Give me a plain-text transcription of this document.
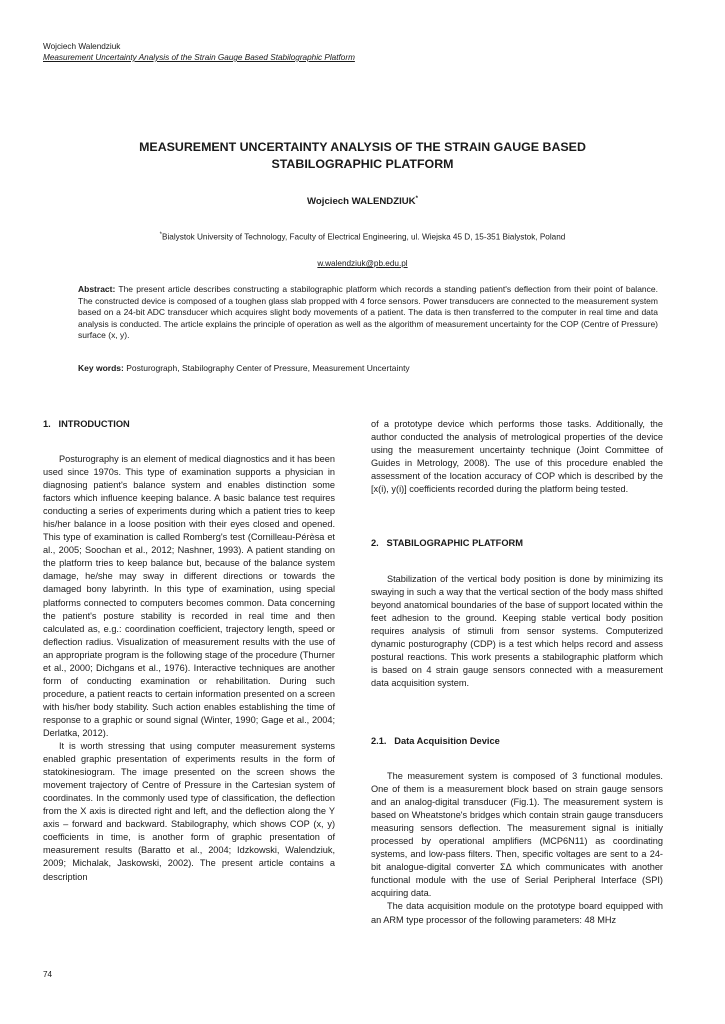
Wojciech Walendziuk
Measurement Uncertainty Analysis of the Strain Gauge Based Stabilographic Platform
MEASUREMENT UNCERTAINTY ANALYSIS OF THE STRAIN GAUGE BASED
STABILOGRAPHIC PLATFORM
Wojciech WALENDZIUK*
*Bialystok University of Technology, Faculty of Electrical Engineering, ul. Wiejska 45 D, 15-351 Bialystok, Poland
w.walendziuk@pb.edu.pl
Abstract: The present article describes constructing a stabilographic platform which records a standing patient's deflection from their point of balance. The constructed device is composed of a toughen glass slab propped with 4 force sensors. Power transducers are connected to the measurement system based on a 24-bit ADC transducer which acquires slight body movements of a patient. The data is then transferred to the computer in real time and data analysis is conducted. The article explains the principle of operation as well as the algorithm of measurement uncertainty for the COP (Centre of Pressure) surface (x, y).
Key words: Posturograph, Stabilography Center of Pressure, Measurement Uncertainty
1.   INTRODUCTION

Posturography is an element of medical diagnostics and it has been used since 1970s. This type of examination supports a physician in diagnosing patient's balance system and enables distinction some factors which influence keeping balance. A basic balance test requires conducting a series of experiments during which a patient tries to keep his/her balance in a loose position with their eyes closed and opened. This type of examination is called Romberg's test (Cornilleau-Pérèsa et al., 2005; Soochan et al., 2012; Nashner, 1993). A patient standing on the platform tries to keep balance but, because of the balance system damage, he/she may sway in different directions or towards the damaged bony labyrinth. In this type of examination, using special platforms connected to computers becomes common. Data concerning the patient's posture stability is recorded in real time and then calculated as, e.g.: coordination coefficient, trajectory length, speed or deflection radius. Visualization of measurement results with the use of an appropriate program is the following stage of the procedure (Thurner et al., 2000; Dichgans et al., 1976). Interactive techniques are another form of conducting examination or rehabilitation. During such procedure, a patient reacts to certain information presented on a screen with his/her body stability. Such action enables establishing the time of response to a graphic or sound signal (Winter, 1990; Gage et al., 2004; Derlatka, 2012).

It is worth stressing that using computer measurement systems enabled graphic presentation of experiments results in the form of statokinesiogram. The image presented on the screen shows the movement trajectory of Centre of Pressure in the Cartesian system of coordinates. In the commonly used type of classification, the deflection from the X axis is directed right and left, and the deflection along the Y axis – forward and backward. Stabilography, which shows COP (x, y) coefficients in time, is another form of graphic presentation of measurement results (Baratto et al., 2004; Idzkowski, Walendziuk, 2009; Michalak, Jaskowski, 2002). The present article contains a description

of a prototype device which performs those tasks. Additionally, the author conducted the analysis of metrological properties of the device using the measurement uncertainty technique (Joint Committee of Guides in Metrology, 2008). The use of this procedure enabled the assessment of the location accuracy of COP which is described by the [x(i), y(i)] coefficients recorded during the platform being tested.

2.   STABILOGRAPHIC PLATFORM

Stabilization of the vertical body position is done by minimizing its swaying in such a way that the vertical section of the body mass shifted beyond anatomical boundaries of the base of support located within the feet adhesion to the ground. Keeping stable vertical body position requires analysis of stimuli from sensor systems. Computerized dynamic posturography (CDP) is a test which helps record and assess postural reactions. This work presents a stabilographic platform which is based on 4 strain gauge sensors connected with a measurement data acquisition system.

2.1.   Data Acquisition Device

The measurement system is composed of 3 functional modules. One of them is a measurement block based on strain gauge sensors and an analog-digital transducer (Fig.1). The measurement system is based on Wheatstone's bridges which contain strain gauge transducers measuring sensors deflection. The measurement signal is initially processed by operational amplifiers (MCP6N11) as coordinating systems, and low-pass filters. Then, specific voltages are sent to a 24-bit analogue-digital converter ΣΔ which communicates with another functional module with the use of Serial Peripheral Interface (SPI) acquiring data.

The data acquisition module on the prototype board equipped with an ARM type processor of the following parameters: 48 MHz

74
